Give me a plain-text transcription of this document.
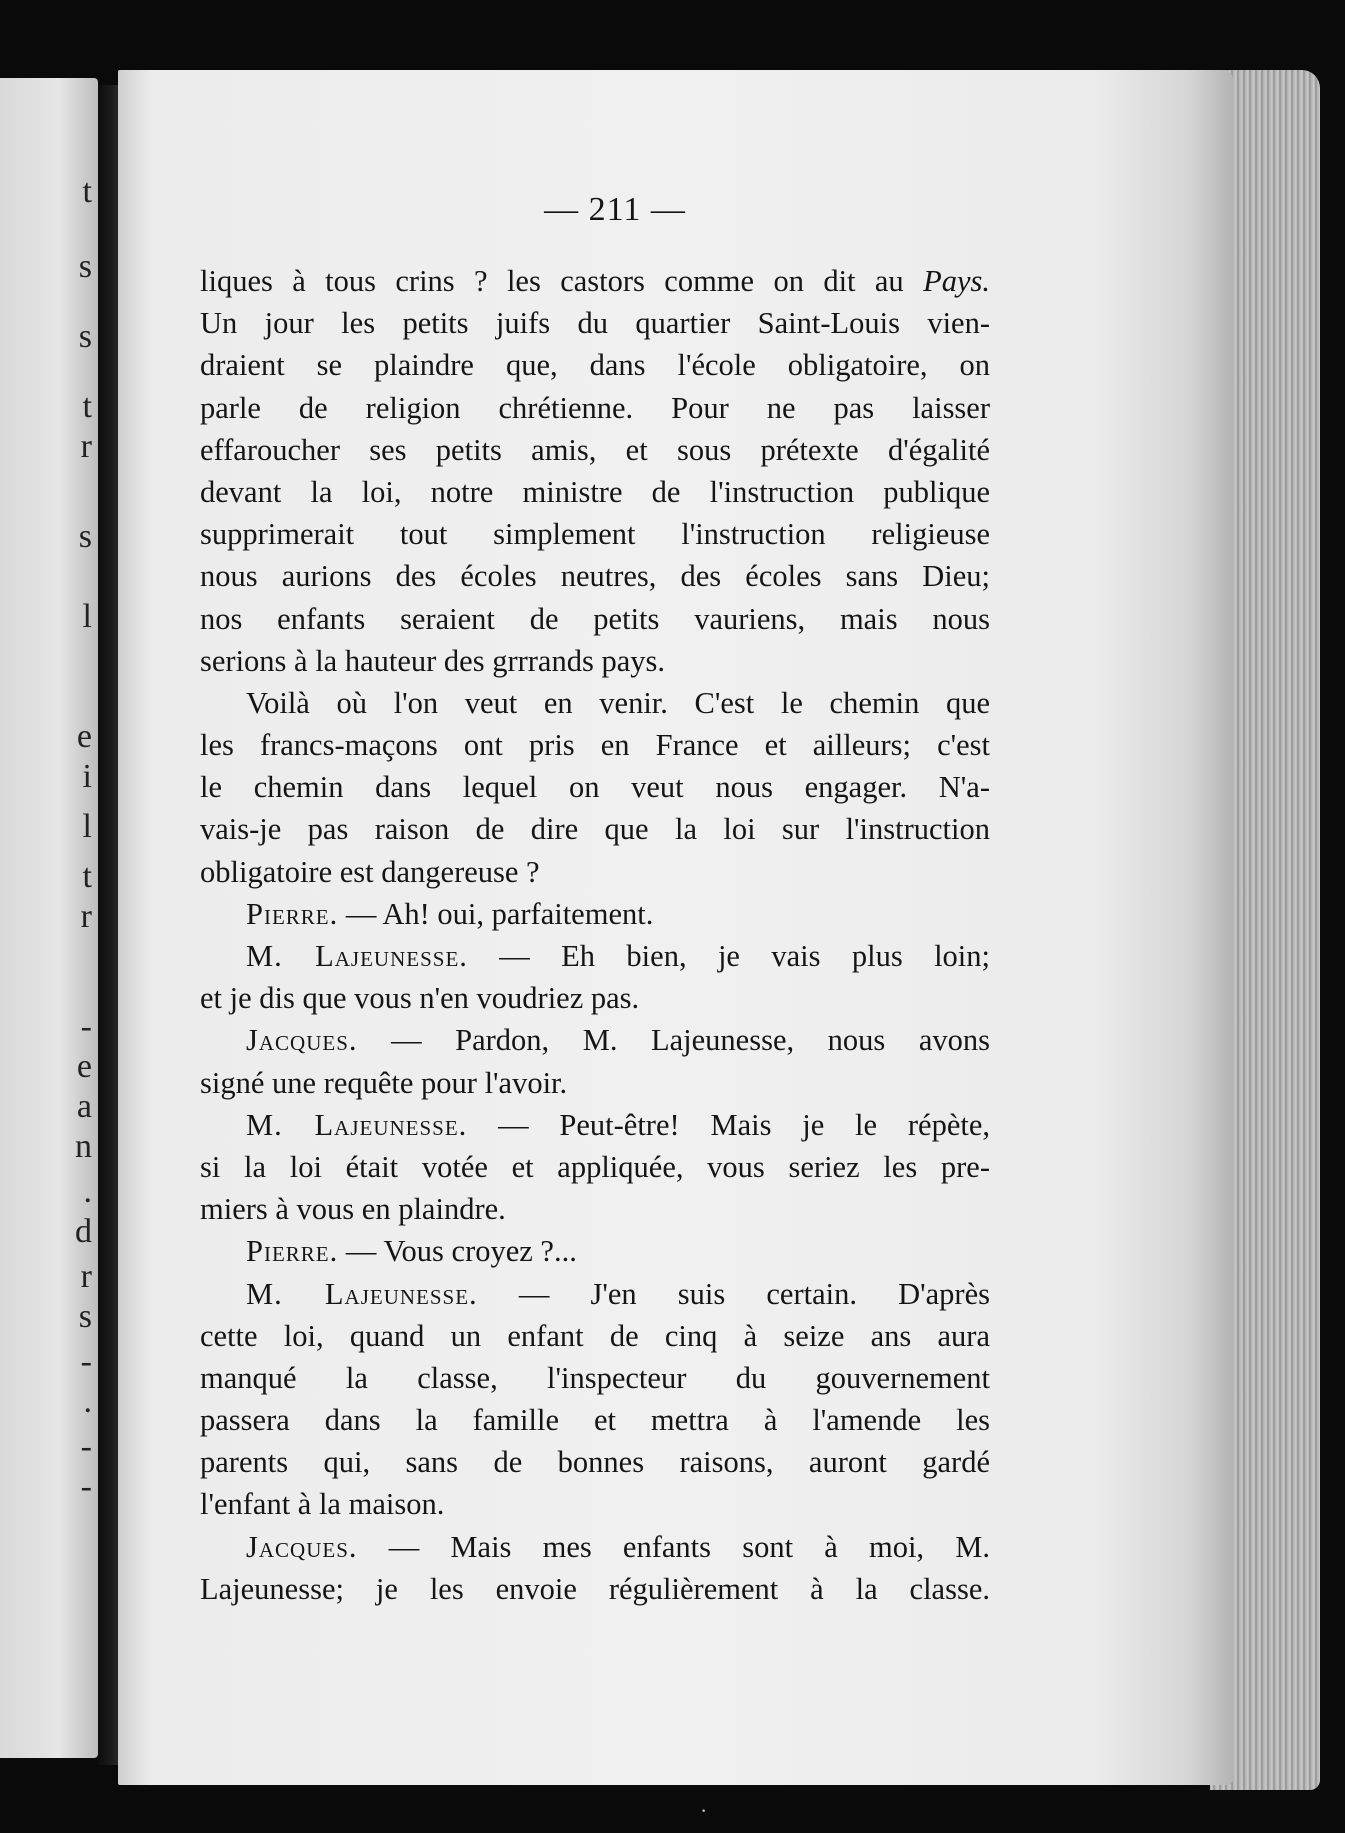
t
s
s
t
r
s
l
e
i
l
t
r
-
e
a
n
.
d
r
s
-
.
-
-
— 211 —
liques à tous crins ? les castors comme on dit au Pays.
Un jour les petits juifs du quartier Saint-Louis vien-
draient se plaindre que, dans l'école obligatoire, on
parle de religion chrétienne. Pour ne pas laisser
effaroucher ses petits amis, et sous prétexte d'égalité
devant la loi, notre ministre de l'instruction publique
supprimerait tout simplement l'instruction religieuse
nous aurions des écoles neutres, des écoles sans Dieu;
nos enfants seraient de petits vauriens, mais nous
serions à la hauteur des grrrands pays.
Voilà où l'on veut en venir. C'est le chemin que
les francs-maçons ont pris en France et ailleurs; c'est
le chemin dans lequel on veut nous engager. N'a-
vais-je pas raison de dire que la loi sur l'instruction
obligatoire est dangereuse ?
Pierre. — Ah! oui, parfaitement.
M. Lajeunesse. — Eh bien, je vais plus loin;
et je dis que vous n'en voudriez pas.
Jacques. — Pardon, M. Lajeunesse, nous avons
signé une requête pour l'avoir.
M. Lajeunesse. — Peut-être! Mais je le répète,
si la loi était votée et appliquée, vous seriez les pre-
miers à vous en plaindre.
Pierre. — Vous croyez ?...
M. Lajeunesse. — J'en suis certain. D'après
cette loi, quand un enfant de cinq à seize ans aura
manqué la classe, l'inspecteur du gouvernement
passera dans la famille et mettra à l'amende les
parents qui, sans de bonnes raisons, auront gardé
l'enfant à la maison.
Jacques. — Mais mes enfants sont à moi, M.
Lajeunesse; je les envoie régulièrement à la classe.
·
